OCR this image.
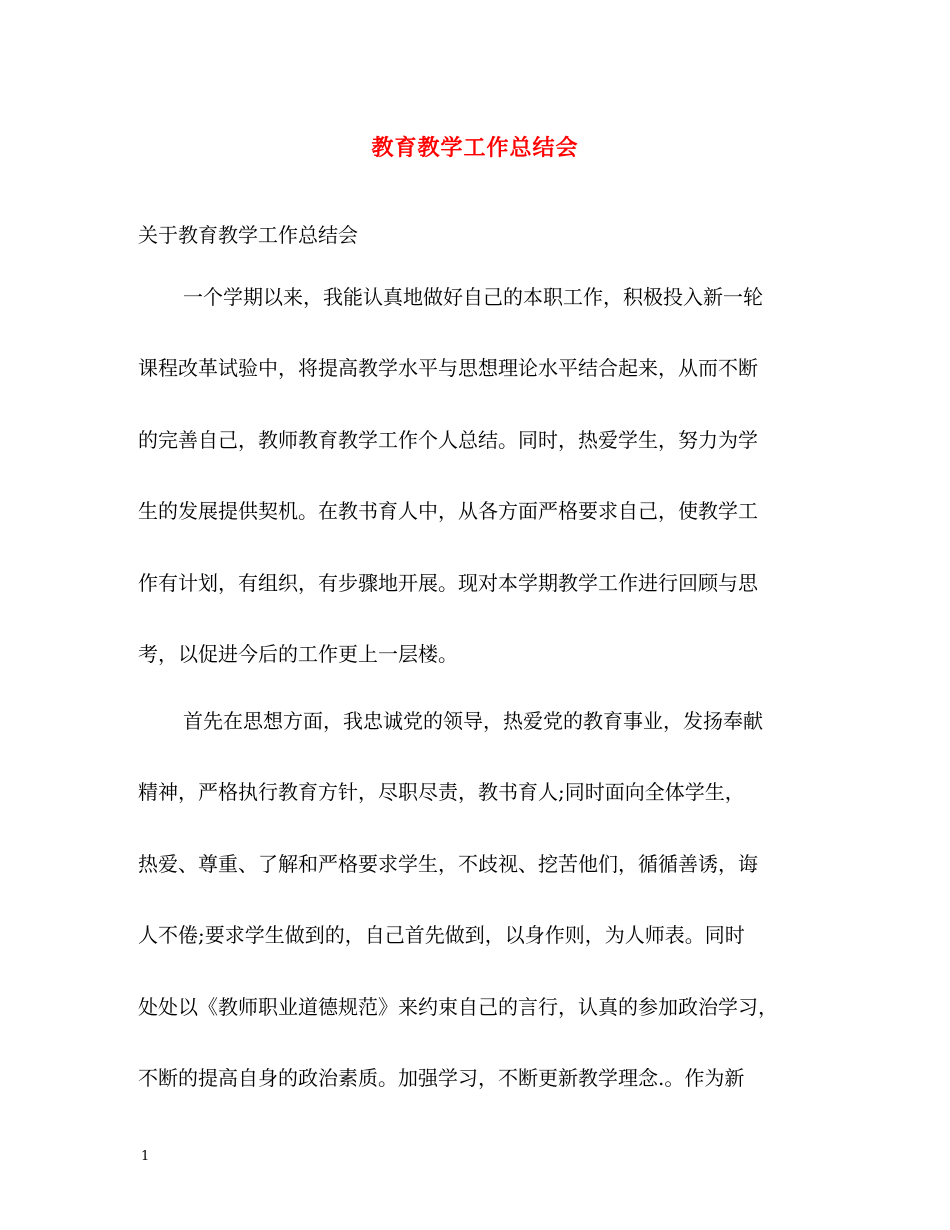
教育教学工作总结会
关于教育教学工作总结会
一个学期以来，我能认真地做好自己的本职工作，积极投入新一轮
课程改革试验中，将提高教学水平与思想理论水平结合起来，从而不断
的完善自己，教师教育教学工作个人总结。同时，热爱学生，努力为学
生的发展提供契机。在教书育人中，从各方面严格要求自己，使教学工
作有计划，有组织，有步骤地开展。现对本学期教学工作进行回顾与思
考，以促进今后的工作更上一层楼。
首先在思想方面，我忠诚党的领导，热爱党的教育事业，发扬奉献
精神，严格执行教育方针，尽职尽责，教书育人;同时面向全体学生，
热爱、尊重、了解和严格要求学生，不歧视、挖苦他们，循循善诱，诲
人不倦;要求学生做到的，自己首先做到，以身作则，为人师表。同时
处处以《教师职业道德规范》来约束自己的言行，认真的参加政治学习，
不断的提高自身的政治素质。加强学习，不断更新教学理念.。作为新
1
